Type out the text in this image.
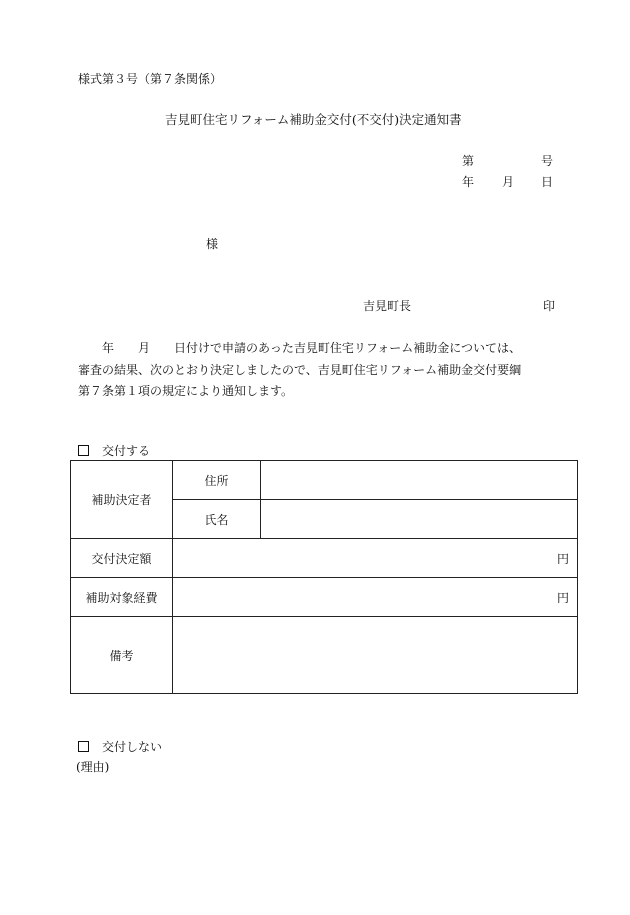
様式第３号（第７条関係）
吉見町住宅リフォーム補助金交付(不交付)決定通知書
第	号
年 月 日
様
吉見町長	印
　　年　　月　　日付けで申請のあった吉見町住宅リフォーム補助金については、
審査の結果、次のとおり決定しましたので、吉見町住宅リフォーム補助金交付要綱
第７条第１項の規定により通知します。
交付する
補助決定者	住所	
	氏名	
交付決定額	円	
補助対象経費	円	
備考		
交付しない
(理由)
